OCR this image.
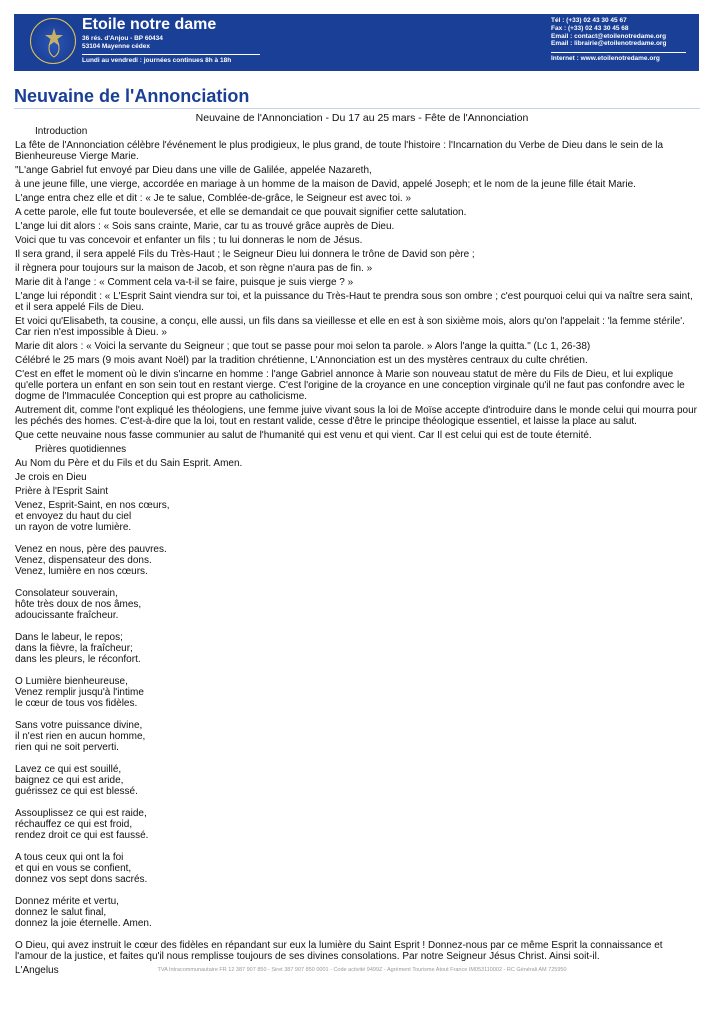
Etoile notre dame
36 rés. d'Anjou - BP 60434
53104 Mayenne cédex
Lundi au vendredi : journées continues 8h à 18h
Tél : (+33) 02 43 30 45 67
Fax : (+33) 02 43 30 45 68
Email : contact@etoilenotredame.org
Email : librairie@etoilenotredame.org
Internet : www.etoilenotredame.org
Neuvaine de l'Annonciation
Neuvaine de l'Annonciation - Du 17 au 25 mars - Fête de l'Annonciation

Introduction

La fête de l'Annonciation célèbre l'événement le plus prodigieux, le plus grand, de toute l'histoire : l'Incarnation du Verbe de Dieu dans le sein de la Bienheureuse Vierge Marie.

"L'ange Gabriel fut envoyé par Dieu dans une ville de Galilée, appelée Nazareth,

à une jeune fille, une vierge, accordée en mariage à un homme de la maison de David, appelé Joseph; et le nom de la jeune fille était Marie.

L'ange entra chez elle et dit : « Je te salue, Comblée-de-grâce, le Seigneur est avec toi. »

A cette parole, elle fut toute bouleversée, et elle se demandait ce que pouvait signifier cette salutation.

L'ange lui dit alors : « Sois sans crainte, Marie, car tu as trouvé grâce auprès de Dieu.

Voici que tu vas concevoir et enfanter un fils ; tu lui donneras le nom de Jésus.

Il sera grand, il sera appelé Fils du Très-Haut ; le Seigneur Dieu lui donnera le trône de David son père ;

il règnera pour toujours sur la maison de Jacob, et son règne n'aura pas de fin. »

Marie dit à l'ange : « Comment cela va-t-il se faire, puisque je suis vierge ? »

L'ange lui répondit : « L'Esprit Saint viendra sur toi, et la puissance du Très-Haut te prendra sous son ombre ; c'est pourquoi celui qui va naître sera saint, et il sera appelé Fils de Dieu.

Et voici qu'Elisabeth, ta cousine, a conçu, elle aussi, un fils dans sa vieillesse et elle en est à son sixième mois, alors qu'on l'appelait : 'la femme stérile'. Car rien n'est impossible à Dieu. »

Marie dit alors : « Voici la servante du Seigneur ; que tout se passe pour moi selon ta parole. » Alors l'ange la quitta." (Lc 1, 26-38)

Célébré le 25 mars (9 mois avant Noël) par la tradition chrétienne, L'Annonciation est un des mystères centraux du culte chrétien.

C'est en effet le moment où le divin s'incarne en homme : l'ange Gabriel annonce à Marie son nouveau statut de mère du Fils de Dieu, et lui explique qu'elle portera un enfant en son sein tout en restant vierge. C'est l'origine de la croyance en une conception virginale qu'il ne faut pas confondre avec le dogme de l'Immaculée Conception qui est propre au catholicisme.

Autrement dit, comme l'ont expliqué les théologiens, une femme juive vivant sous la loi de Moïse accepte d'introduire dans le monde celui qui mourra pour les péchés des homes. C'est-à-dire que la loi, tout en restant valide, cesse d'être le principe théologique essentiel, et laisse la place au salut.

Que cette neuvaine nous fasse communier au salut de l'humanité qui est venu et qui vient. Car Il est celui qui est de toute éternité.

Prières quotidiennes

Au Nom du Père et du Fils et du Sain Esprit. Amen.

Je crois en Dieu

Prière à l'Esprit Saint

Venez, Esprit-Saint, en nos cœurs,
et envoyez du haut du ciel
un rayon de votre lumière.
Venez en nous, père des pauvres.
Venez, dispensateur des dons.
Venez, lumière en nos cœurs.
Consolateur souverain,
hôte très doux de nos âmes,
adoucissante fraîcheur.
Dans le labeur, le repos;
dans la fièvre, la fraîcheur;
dans les pleurs, le réconfort.
O Lumière bienheureuse,
Venez remplir jusqu'à l'intime
le cœur de tous vos fidèles.
Sans votre puissance divine,
il n'est rien en aucun homme,
rien qui ne soit perverti.
Lavez ce qui est souillé,
baignez ce qui est aride,
guérissez ce qui est blessé.
Assouplissez ce qui est raide,
réchauffez ce qui est froid,
rendez droit ce qui est faussé.
A tous ceux qui ont la foi
et qui en vous se confient,
donnez vos sept dons sacrés.
Donnez mérite et vertu,
donnez le salut final,
donnez la joie éternelle. Amen.

O Dieu, qui avez instruit le cœur des fidèles en répandant sur eux la lumière du Saint Esprit ! Donnez-nous par ce même Esprit la connaissance et l'amour de la justice, et faites qu'il nous remplisse toujours de ses divines consolations. Par notre Seigneur Jésus Christ. Ainsi soit-il.

L'Angelus	TVA Intracommunautaire FR 12 387 907 850 - Siret 387 907 850 0001 - Code activité 9499Z - Agrément Tourisme Atout France IM053110002 - RC Générali AM 725950
